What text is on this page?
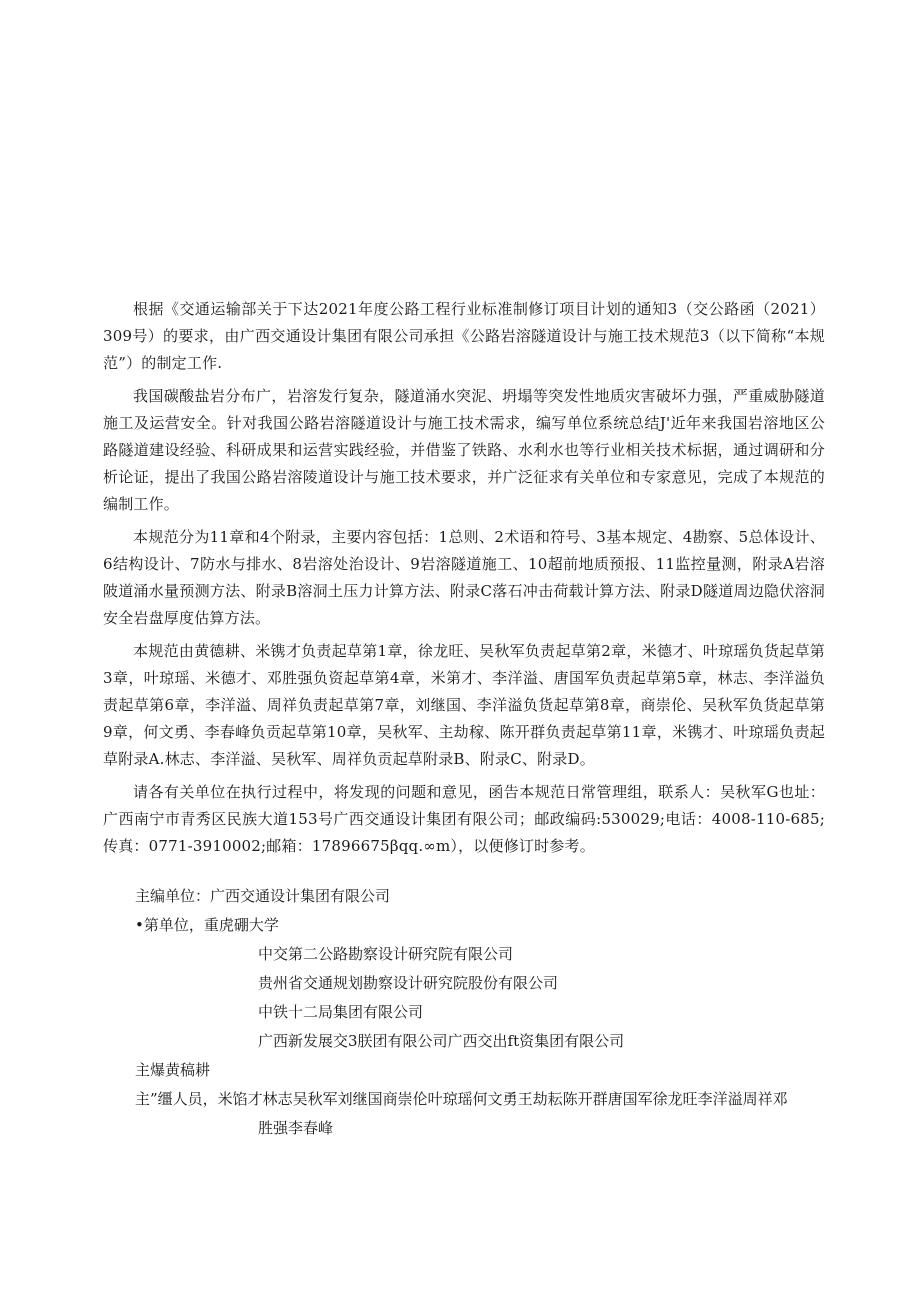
根据《交通运输部关于下达2021年度公路工程行业标准制修订项目计划的通知3（交公路函（2021）309号）的要求，由广西交通设计集团有限公司承担《公路岩溶隧道设计与施工技术规范3（以下简称“本规范”）的制定工作.

我国碳酸盐岩分布广，岩溶发行复杂，隧道涌水突泥、坍塌等突发性地质灾害破坏力强，严重威胁隧道施工及运营安全。针对我国公路岩溶隧道设计与施工技术需求，编写单位系统总结J'近年来我国岩溶地区公路隧道建设经验、科研成果和运营实践经验，并借鉴了铁路、水利水也等行业相关技术标据，通过调研和分析论证，提出了我国公路岩溶陵道设计与施工技术要求，并广泛征求有关单位和专家意见，完成了本规范的编制工作。

本规范分为11章和4个附录，主要内容包括：1总则、2术语和符号、3基本规定、4勘察、5总体设计、6结构设计、7防水与排水、8岩溶处治设计、9岩溶隧道施工、10超前地质预报、11监控量测，附录A岩溶陂道涌水量预测方法、附录B溶洞土压力计算方法、附录C落石冲击荷载计算方法、附录D隧道周边隐伏溶洞安全岩盘厚度估算方法。

本规范由黄德耕、米镌才负责起草第1章，徐龙旺、吴秋军负责起草第2章，米德才、叶琼瑶负货起草第3章，叶琼瑶、米德才、邓胜强负资起草第4章，米第才、李洋溢、唐国军负责起草第5章，林志、李洋溢负责起草第6章，李洋溢、周祥负责起草第7章，刘继国、李洋溢负货起草第8章，商崇伦、吴秋军负货起草第9章，何文勇、李春峰负贡起草第10章，吴秋军、主劫稼、陈开群负责起草第11章，米镌才、叶琼瑶负责起草附录A.林志、李洋溢、吴秋军、周祥负贡起草附录B、附录C、附录D。

请各有关单位在执行过程中，将发现的问题和意见，函告本规范日常管理组，联系人：吴秋军G也址：广西南宁市青秀区民族大道153号广西交通设计集团有限公司；邮政编码:530029;电话：4008-110-685;传真：0771-3910002;邮箱：17896675βqq.∞m），以便修订时参考。

主编单位：广西交通设计集团有限公司
•第单位，重虎硼大学
中交第二公路勘察设计研究院有限公司
贵州省交通规划勘察设计研究院股份有限公司
中铁十二局集团有限公司
广西新发展交3朕团有限公司广西交出ft资集团有限公司
主爆黄稿耕
主”缰人员，米馅才林志吴秋军刘继国商崇伦叶琼瑶何文勇王劫耘陈开群唐国军徐龙旺李洋溢周祥邓
胜强李春峰
